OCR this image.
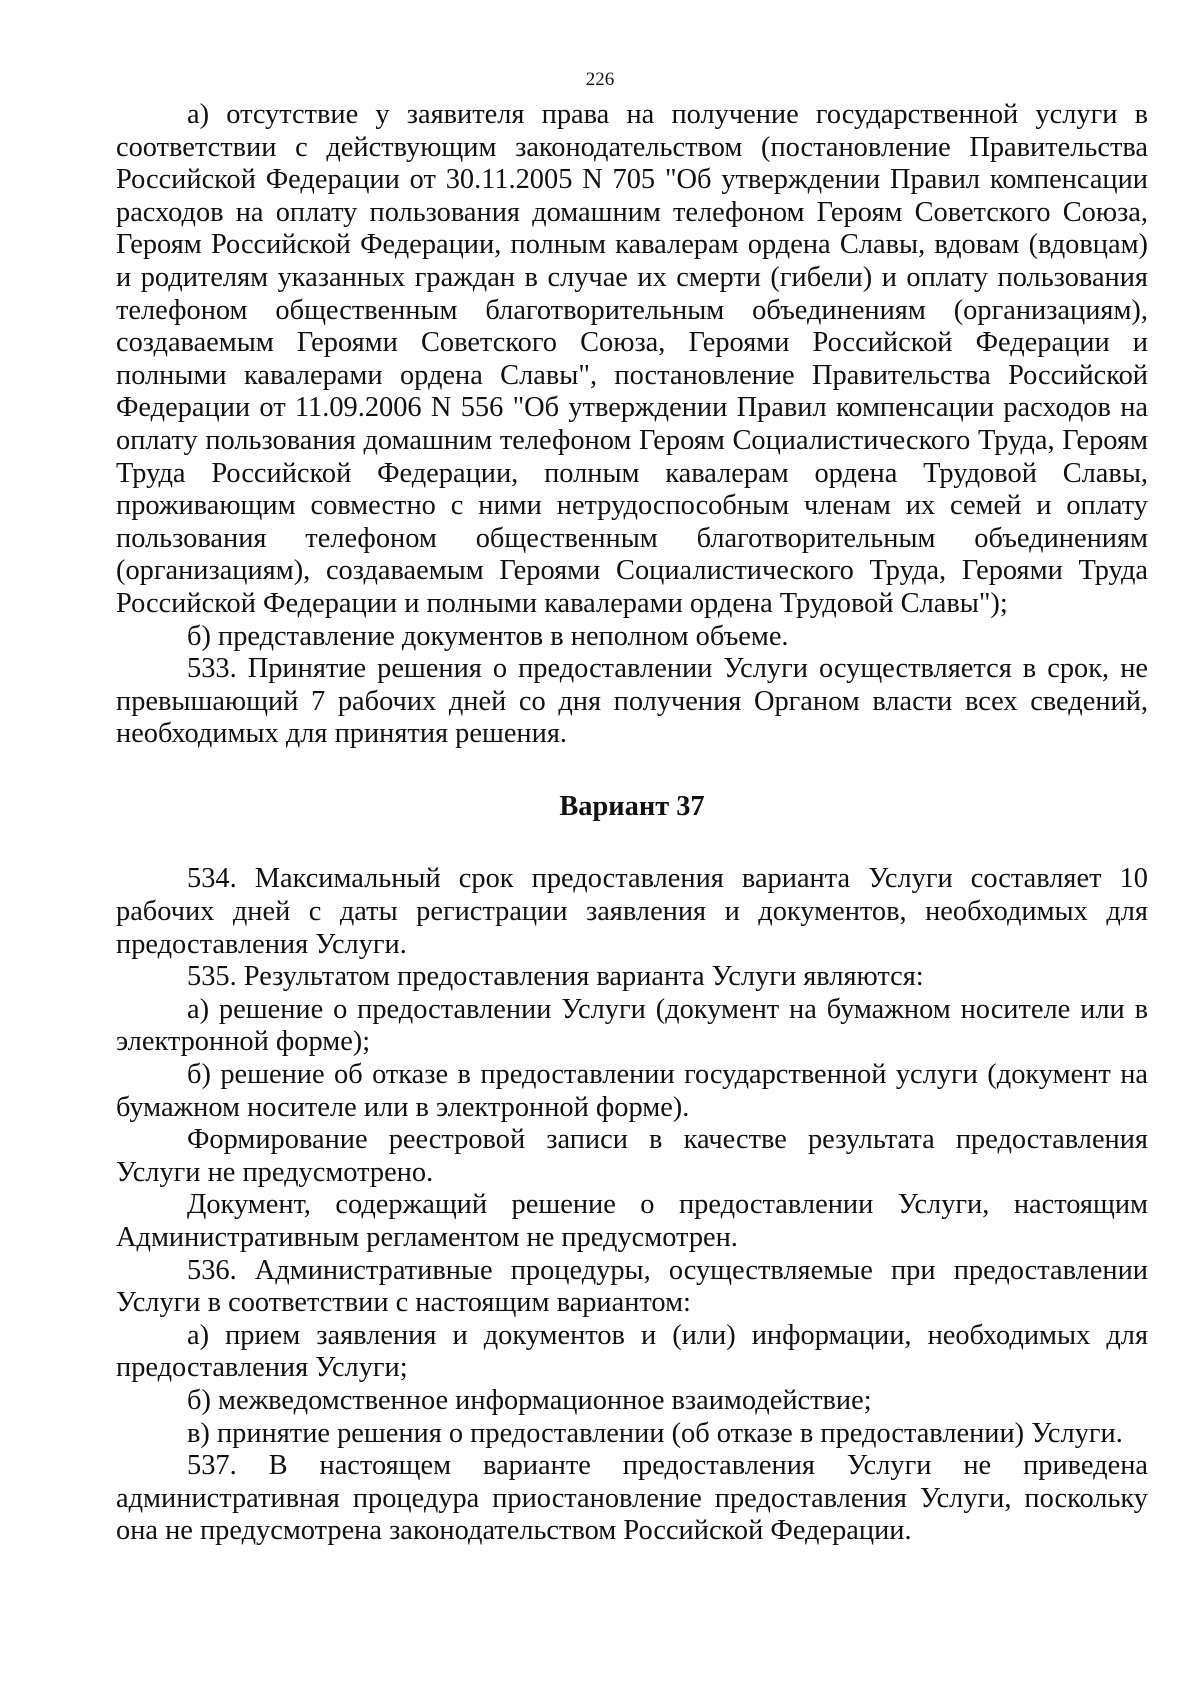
226

а) отсутствие у заявителя права на получение государственной услуги в соответствии с действующим законодательством (постановление Правительства Российской Федерации от 30.11.2005 N 705 "Об утверждении Правил компенсации расходов на оплату пользования домашним телефоном Героям Советского Союза, Героям Российской Федерации, полным кавалерам ордена Славы, вдовам (вдовцам) и родителям указанных граждан в случае их смерти (гибели) и оплату пользования телефоном общественным благотворительным объединениям (организациям), создаваемым Героями Советского Союза, Героями Российской Федерации и полными кавалерами ордена Славы", постановление Правительства Российской Федерации от 11.09.2006 N 556 "Об утверждении Правил компенсации расходов на оплату пользования домашним телефоном Героям Социалистического Труда, Героям Труда Российской Федерации, полным кавалерам ордена Трудовой Славы, проживающим совместно с ними нетрудоспособным членам их семей и оплату пользования телефоном общественным благотворительным объединениям (организациям), создаваемым Героями Социалистического Труда, Героями Труда Российской Федерации и полными кавалерами ордена Трудовой Славы");

б) представление документов в неполном объеме.

533. Принятие решения о предоставлении Услуги осуществляется в срок, не превышающий 7 рабочих дней со дня получения Органом власти всех сведений, необходимых для принятия решения.

Вариант 37

534. Максимальный срок предоставления варианта Услуги составляет 10 рабочих дней с даты регистрации заявления и документов, необходимых для предоставления Услуги.

535. Результатом предоставления варианта Услуги являются:

а) решение о предоставлении Услуги (документ на бумажном носителе или в электронной форме);

б) решение об отказе в предоставлении государственной услуги (документ на бумажном носителе или в электронной форме).

Формирование реестровой записи в качестве результата предоставления Услуги не предусмотрено.

Документ, содержащий решение о предоставлении Услуги, настоящим Административным регламентом не предусмотрен.

536. Административные процедуры, осуществляемые при предоставлении Услуги в соответствии с настоящим вариантом:

а) прием заявления и документов и (или) информации, необходимых для предоставления Услуги;

б) межведомственное информационное взаимодействие;

в) принятие решения о предоставлении (об отказе в предоставлении) Услуги.

537. В настоящем варианте предоставления Услуги не приведена административная процедура приостановление предоставления Услуги, поскольку она не предусмотрена законодательством Российской Федерации.
